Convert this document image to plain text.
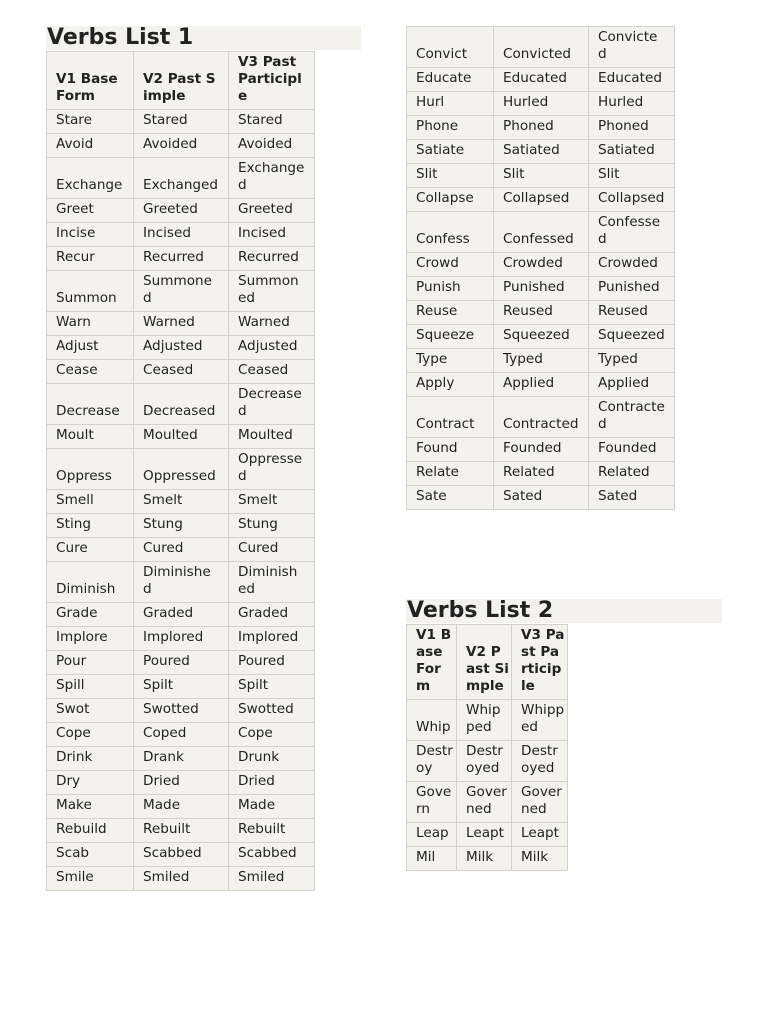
Verbs List 1
V1 Base Form	V2 Past Simple	V3 Past Participle
Stare	Stared	Stared
Avoid	Avoided	Avoided
Exchange	Exchanged	Exchanged
Greet	Greeted	Greeted
Incise	Incised	Incised
Recur	Recurred	Recurred
Summon	Summoned	Summoned
Warn	Warned	Warned
Adjust	Adjusted	Adjusted
Cease	Ceased	Ceased
Decrease	Decreased	Decreased
Moult	Moulted	Moulted
Oppress	Oppressed	Oppressed
Smell	Smelt	Smelt
Sting	Stung	Stung
Cure	Cured	Cured
Diminish	Diminished	Diminished
Grade	Graded	Graded
Implore	Implored	Implored
Pour	Poured	Poured
Spill	Spilt	Spilt
Swot	Swotted	Swotted
Cope	Coped	Cope
Drink	Drank	Drunk
Dry	Dried	Dried
Make	Made	Made
Rebuild	Rebuilt	Rebuilt
Scab	Scabbed	Scabbed
Smile	Smiled	Smiled
Convict	Convicted	Convicted
Educate	Educated	Educated
Hurl	Hurled	Hurled
Phone	Phoned	Phoned
Satiate	Satiated	Satiated
Slit	Slit	Slit
Collapse	Collapsed	Collapsed
Confess	Confessed	Confessed
Crowd	Crowded	Crowded
Punish	Punished	Punished
Reuse	Reused	Reused
Squeeze	Squeezed	Squeezed
Type	Typed	Typed
Apply	Applied	Applied
Contract	Contracted	Contracted
Found	Founded	Founded
Relate	Related	Related
Sate	Sated	Sated
Verbs List 2
V1 Base Form	V2 Past Simple	V3 Past Participle
Whip	Whipped	Whipped
Destroy	Destroyed	Destroyed
Govern	Governed	Governed
Leap	Leapt	Leapt
Mil	Milk	Milk
